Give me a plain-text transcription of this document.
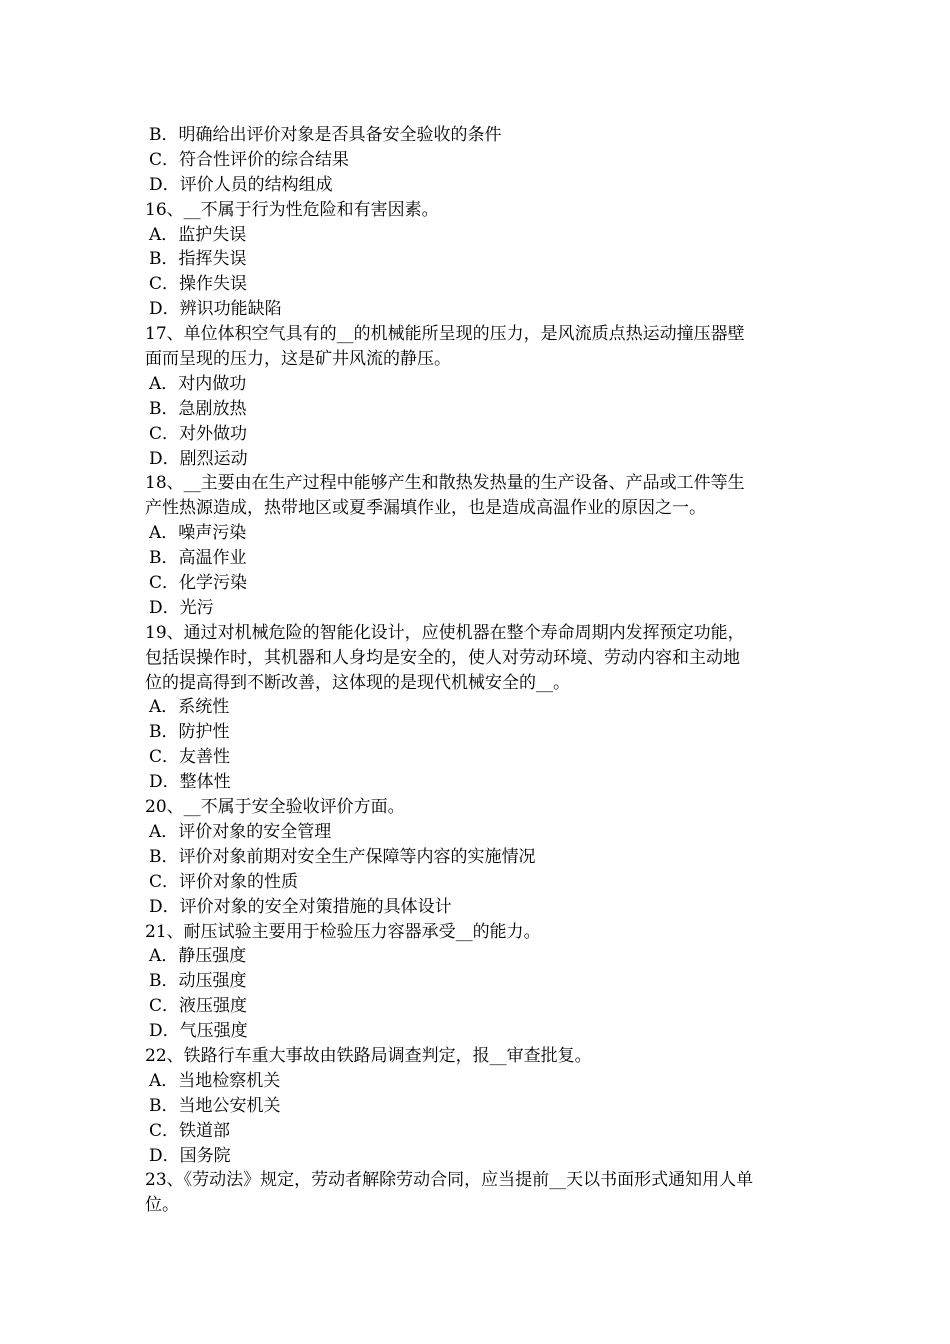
B．明确给出评价对象是否具备安全验收的条件
C．符合性评价的综合结果
D．评价人员的结构组成
16、__不属于行为性危险和有害因素。
A．监护失误
B．指挥失误
C．操作失误
D．辨识功能缺陷
17、单位体积空气具有的__的机械能所呈现的压力，是风流质点热运动撞压器壁
面而呈现的压力，这是矿井风流的静压。
A．对内做功
B．急剧放热
C．对外做功
D．剧烈运动
18、__主要由在生产过程中能够产生和散热发热量的生产设备、产品或工件等生
产性热源造成，热带地区或夏季漏填作业，也是造成高温作业的原因之一。
A．噪声污染
B．高温作业
C．化学污染
D．光污
19、通过对机械危险的智能化设计，应使机器在整个寿命周期内发挥预定功能，
包括误操作时，其机器和人身均是安全的，使人对劳动环境、劳动内容和主动地
位的提高得到不断改善，这体现的是现代机械安全的__。
A．系统性
B．防护性
C．友善性
D．整体性
20、__不属于安全验收评价方面。
A．评价对象的安全管理
B．评价对象前期对安全生产保障等内容的实施情况
C．评价对象的性质
D．评价对象的安全对策措施的具体设计
21、耐压试验主要用于检验压力容器承受__的能力。
A．静压强度
B．动压强度
C．液压强度
D．气压强度
22、铁路行车重大事故由铁路局调查判定，报__审查批复。
A．当地检察机关
B．当地公安机关
C．铁道部
D．国务院
23、《劳动法》规定，劳动者解除劳动合同，应当提前__天以书面形式通知用人单
位。
